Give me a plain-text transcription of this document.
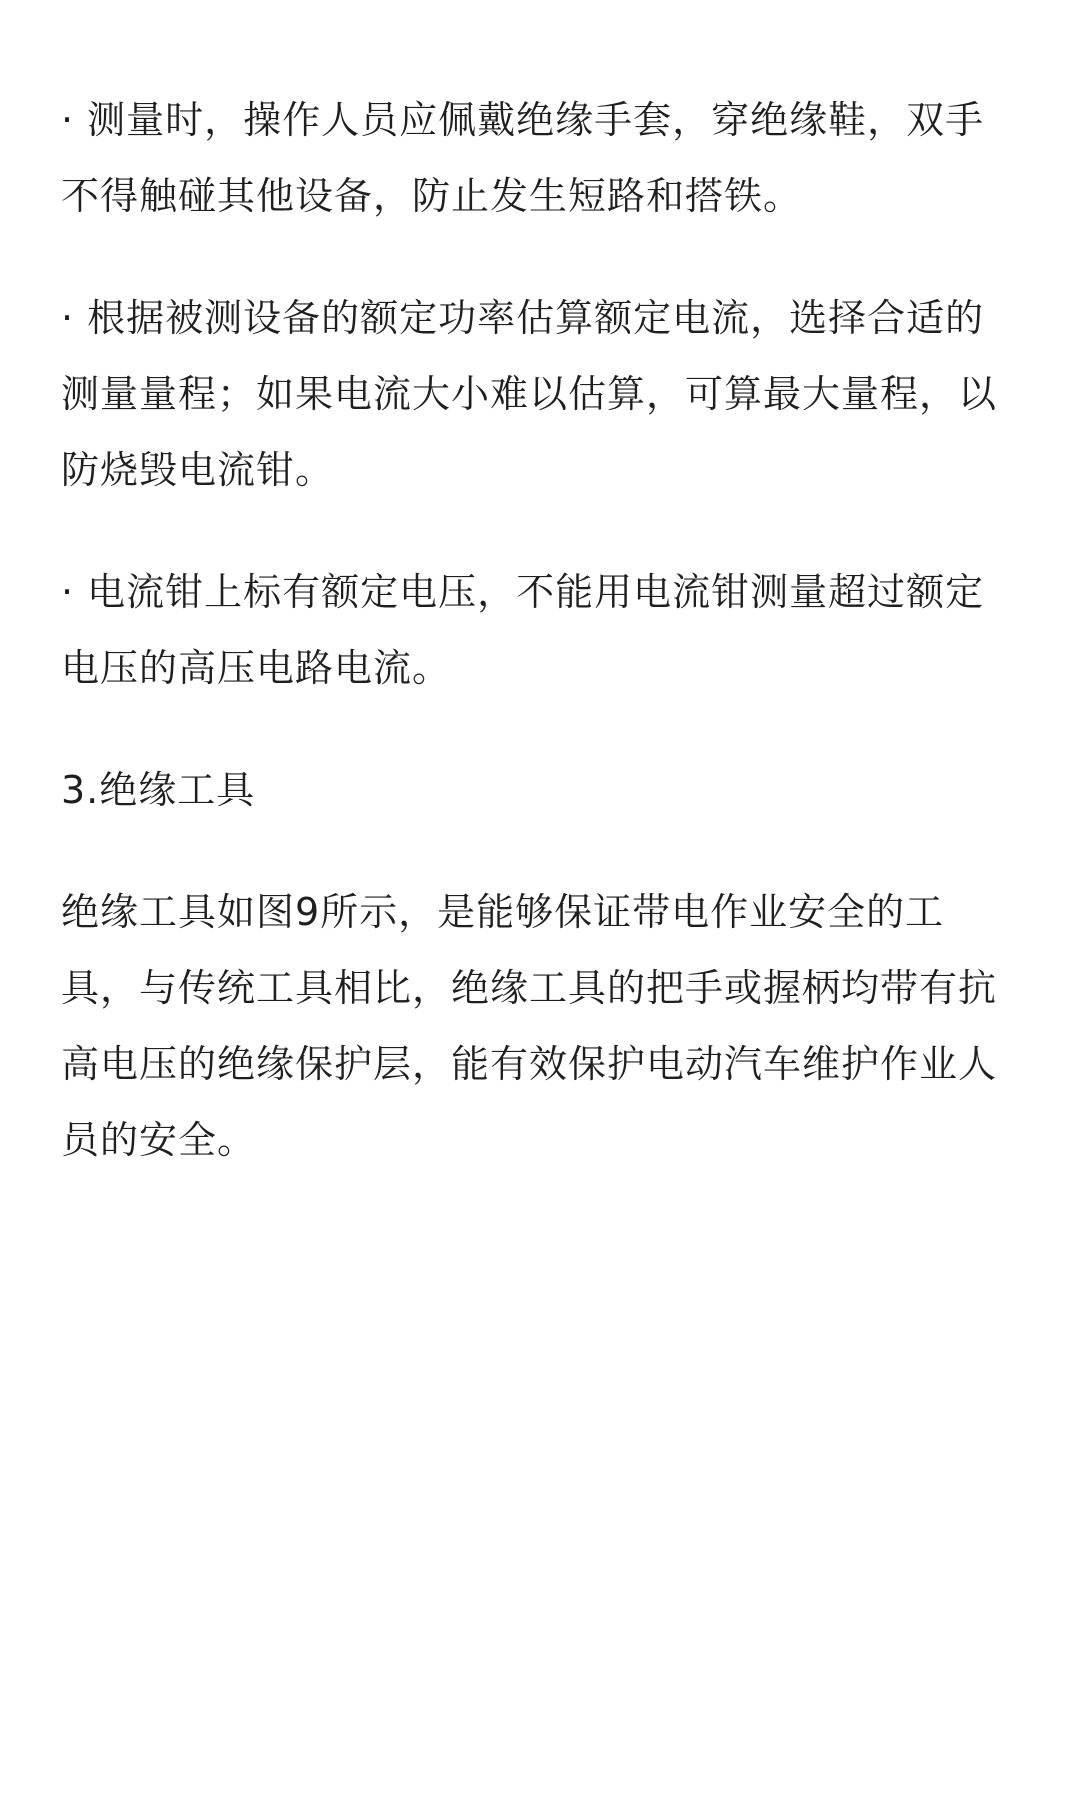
· 测量时，操作人员应佩戴绝缘手套，穿绝缘鞋，双手不得触碰其他设备，防止发生短路和搭铁。

· 根据被测设备的额定功率估算额定电流，选择合适的测量量程；如果电流大小难以估算，可算最大量程，以防烧毁电流钳。

· 电流钳上标有额定电压，不能用电流钳测量超过额定电压的高压电路电流。

3.绝缘工具

绝缘工具如图9所示，是能够保证带电作业安全的工具，与传统工具相比，绝缘工具的把手或握柄均带有抗高电压的绝缘保护层，能有效保护电动汽车维护作业人员的安全。
